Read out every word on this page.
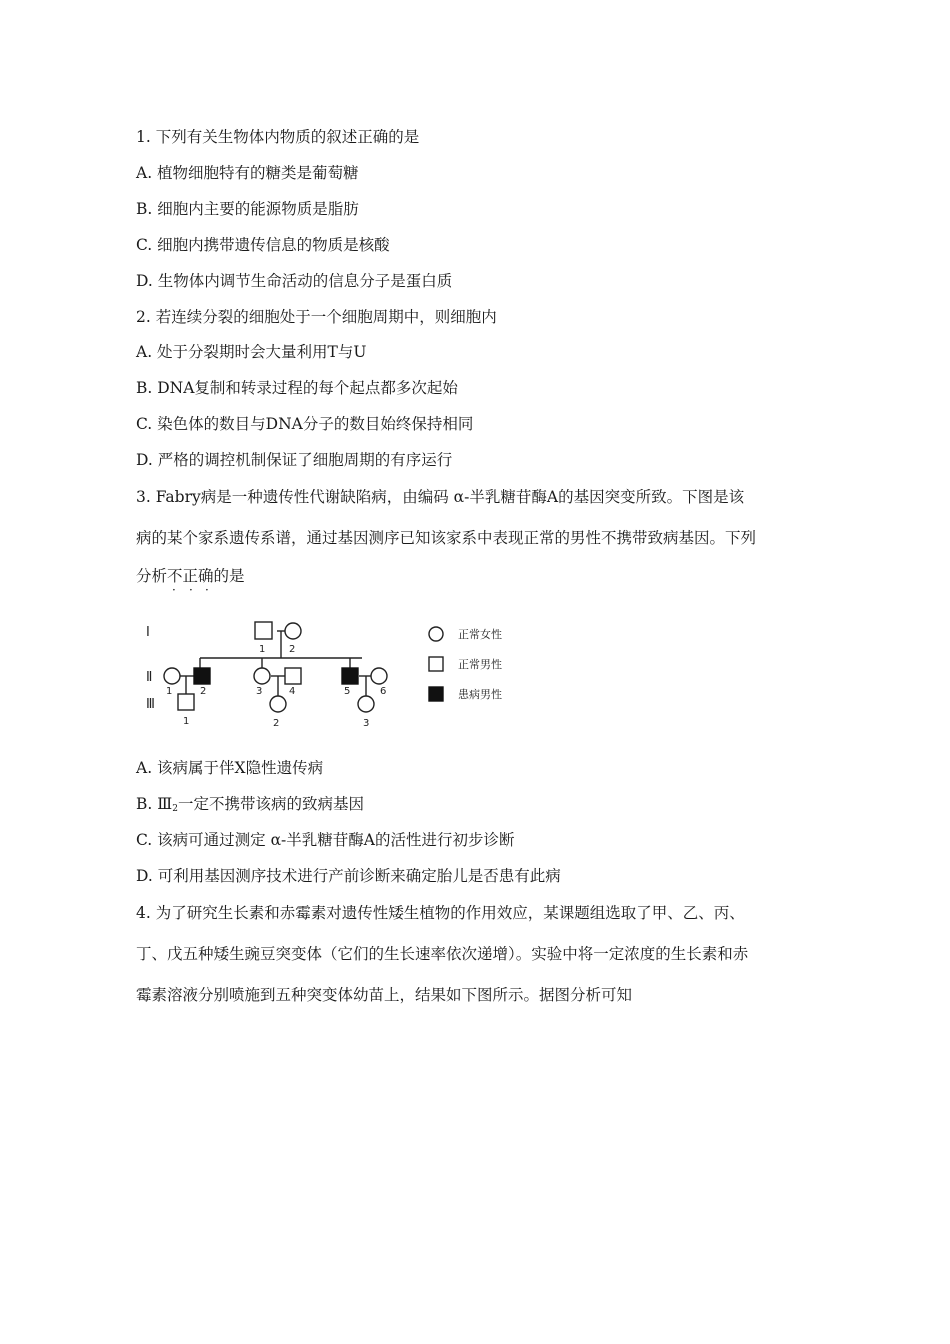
1. 下列有关生物体内物质的叙述正确的是
A. 植物细胞特有的糖类是葡萄糖
B. 细胞内主要的能源物质是脂肪
C. 细胞内携带遗传信息的物质是核酸
D. 生物体内调节生命活动的信息分子是蛋白质
2. 若连续分裂的细胞处于一个细胞周期中，则细胞内
A. 处于分裂期时会大量利用T与U
B. DNA复制和转录过程的每个起点都多次起始
C. 染色体的数目与DNA分子的数目始终保持相同
D. 严格的调控机制保证了细胞周期的有序运行
3. Fabry病是一种遗传性代谢缺陷病，由编码 α-半乳糖苷酶A的基因突变所致。下图是该
病的某个家系遗传系谱，通过基因测序已知该家系中表现正常的男性不携带致病基因。下列
分析不正确的是
· · ·
1 2
1	2	3	4	5	6
1	2	3
Ⅰ
Ⅱ
Ⅲ
正常女性
正常男性
患病男性
A. 该病属于伴X隐性遗传病
B. $Ⅲ_2$一定不携带该病的致病基因
C. 该病可通过测定 α-半乳糖苷酶A的活性进行初步诊断
D. 可利用基因测序技术进行产前诊断来确定胎儿是否患有此病
4. 为了研究生长素和赤霉素对遗传性矮生植物的作用效应，某课题组选取了甲、乙、丙、
丁、戊五种矮生豌豆突变体（它们的生长速率依次递增）。实验中将一定浓度的生长素和赤
霉素溶液分别喷施到五种突变体幼苗上，结果如下图所示。据图分析可知
